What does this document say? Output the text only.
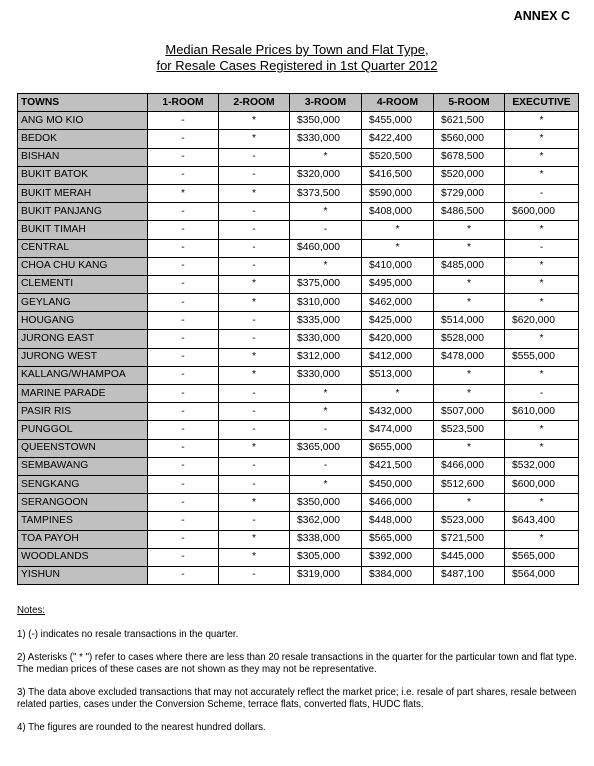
ANNEX C
Median Resale Prices by Town and Flat Type,
for Resale Cases Registered in 1st Quarter 2012
TOWNS	1-ROOM	2-ROOM	3-ROOM	4-ROOM	5-ROOM	EXECUTIVE
ANG MO KIO	-	*	$350,000	$455,000	$621,500	*
BEDOK	-	*	$330,000	$422,400	$560,000	*
BISHAN	-	-	*	$520,500	$678,500	*
BUKIT BATOK	-	-	$320,000	$416,500	$520,000	*
BUKIT MERAH	*	*	$373,500	$590,000	$729,000	-
BUKIT PANJANG	-	-	*	$408,000	$486,500	$600,000
BUKIT TIMAH	-	-	-	*	*	*
CENTRAL	-	-	$460,000	*	*	-
CHOA CHU KANG	-	-	*	$410,000	$485,000	*
CLEMENTI	-	*	$375,000	$495,000	*	*
GEYLANG	-	*	$310,000	$462,000	*	*
HOUGANG	-	-	$335,000	$425,000	$514,000	$620,000
JURONG EAST	-	-	$330,000	$420,000	$528,000	*
JURONG WEST	-	*	$312,000	$412,000	$478,000	$555,000
KALLANG/WHAMPOA	-	*	$330,000	$513,000	*	*
MARINE PARADE	-	-	*	*	*	-
PASIR RIS	-	-	*	$432,000	$507,000	$610,000
PUNGGOL	-	-	-	$474,000	$523,500	*
QUEENSTOWN	-	*	$365,000	$655,000	*	*
SEMBAWANG	-	-	-	$421,500	$466,000	$532,000
SENGKANG	-	-	*	$450,000	$512,600	$600,000
SERANGOON	-	*	$350,000	$466,000	*	*
TAMPINES	-	-	$362,000	$448,000	$523,000	$643,400
TOA PAYOH	-	*	$338,000	$565,000	$721,500	*
WOODLANDS	-	*	$305,000	$392,000	$445,000	$565,000
YISHUN	-	-	$319,000	$384,000	$487,100	$564,000

Notes:

1) (-) indicates no resale transactions in the quarter.

2) Asterisks (" * ") refer to cases where there are less than 20 resale transactions in the quarter for the particular town and flat type. The median prices of these cases are not shown as they may not be representative.

3) The data above excluded transactions that may not accurately reflect the market price; i.e. resale of part shares, resale between related parties, cases under the Conversion Scheme, terrace flats, converted flats, HUDC flats.

4) The figures are rounded to the nearest hundred dollars.
